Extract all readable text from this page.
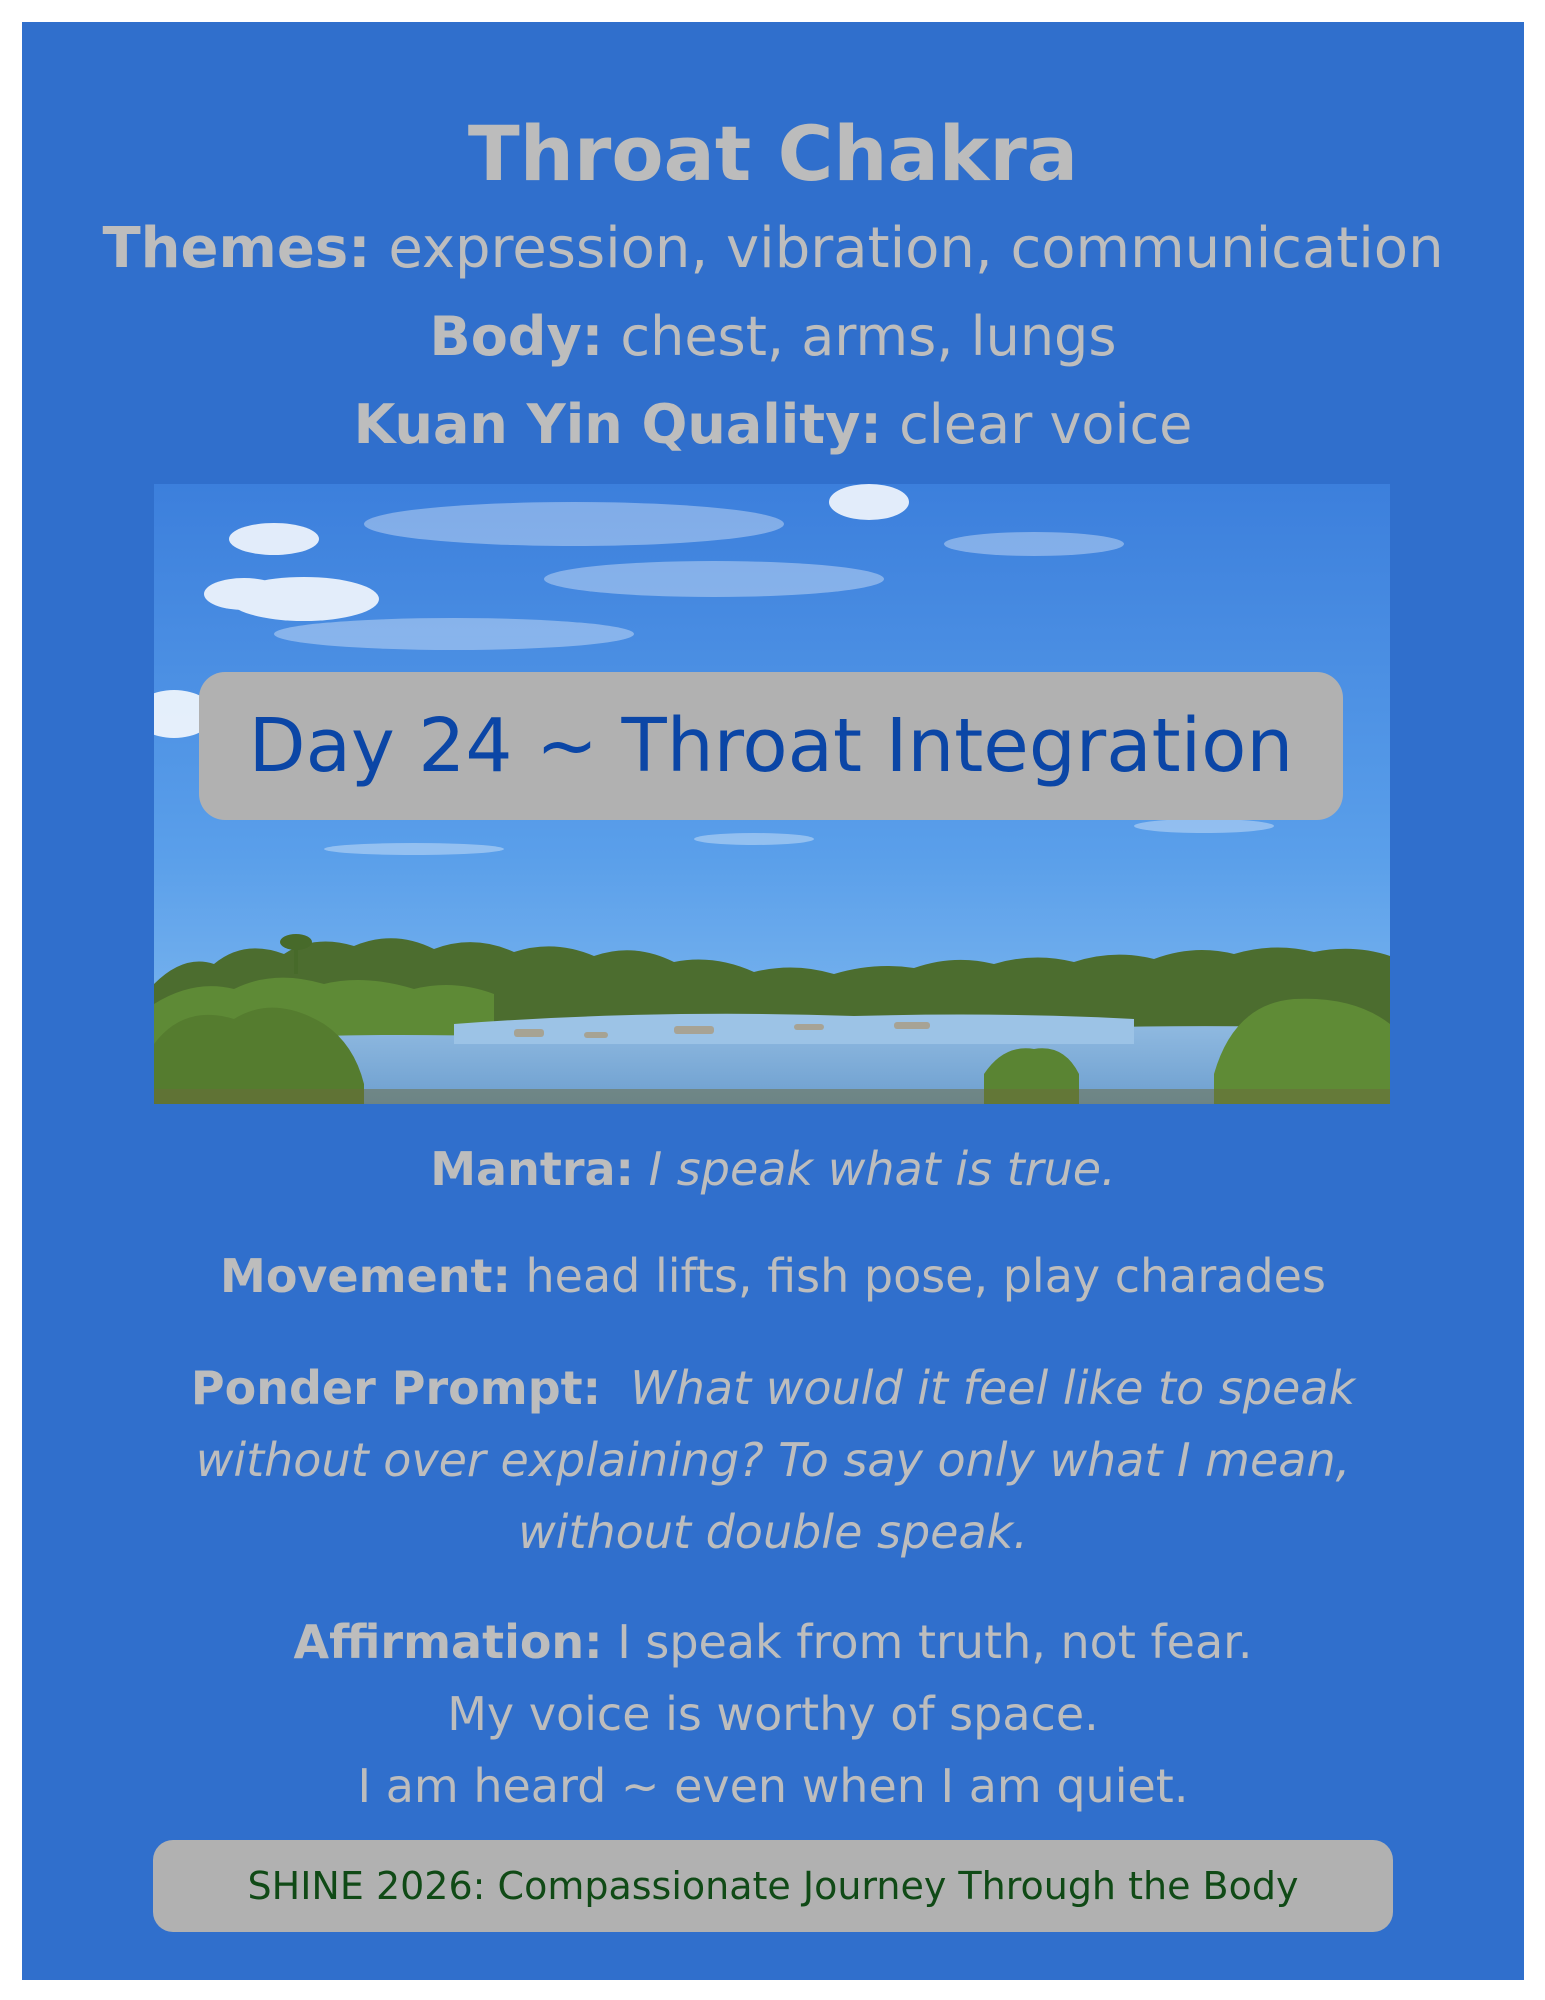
Throat Chakra
Themes: expression, vibration, communication
Body: chest, arms, lungs
Kuan Yin Quality: clear voice
Day 24 ~ Throat Integration
Mantra: I speak what is true.
Movement: head lifts, fish pose, play charades
Ponder Prompt: What would it feel like to speak
without over explaining? To say only what I mean,
without double speak.
Affirmation: I speak from truth, not fear.
My voice is worthy of space.
I am heard ~ even when I am quiet.
SHINE 2026: Compassionate Journey Through the Body
